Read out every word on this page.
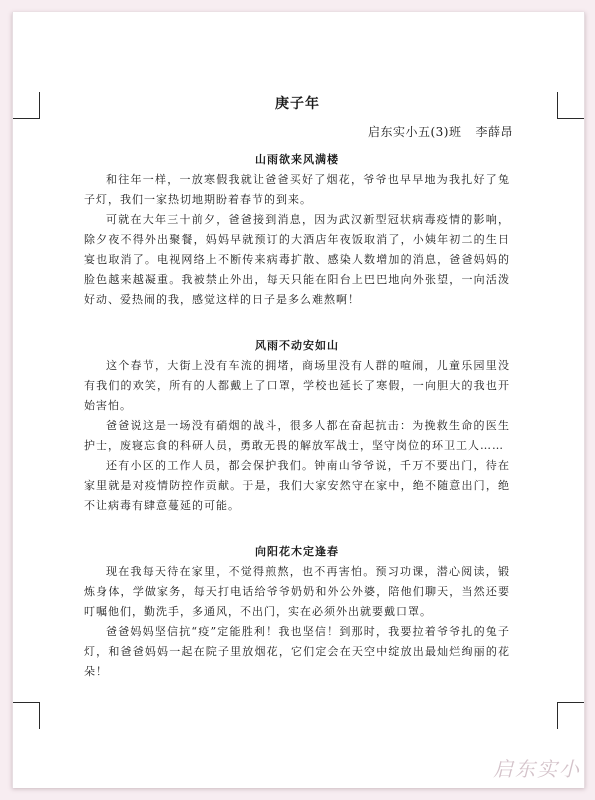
庚子年
启东实小五(3)班 李薛昂
山雨欲来风满楼

和往年一样，一放寒假我就让爸爸买好了烟花，爷爷也早早地为我扎好了兔子灯，我们一家热切地期盼着春节的到来。

可就在大年三十前夕，爸爸接到消息，因为武汉新型冠状病毒疫情的影响，除夕夜不得外出聚餐，妈妈早就预订的大酒店年夜饭取消了，小姨年初二的生日宴也取消了。电视网络上不断传来病毒扩散、感染人数增加的消息，爸爸妈妈的脸色越来越凝重。我被禁止外出，每天只能在阳台上巴巴地向外张望，一向活泼好动、爱热闹的我，感觉这样的日子是多么难熬啊！

风雨不动安如山

这个春节，大街上没有车流的拥堵，商场里没有人群的喧闹，儿童乐园里没有我们的欢笑，所有的人都戴上了口罩，学校也延长了寒假，一向胆大的我也开始害怕。

爸爸说这是一场没有硝烟的战斗，很多人都在奋起抗击：为挽救生命的医生护士，废寝忘食的科研人员，勇敢无畏的解放军战士，坚守岗位的环卫工人……

还有小区的工作人员，都会保护我们。钟南山爷爷说，千万不要出门，待在家里就是对疫情防控作贡献。于是，我们大家安然守在家中，绝不随意出门，绝不让病毒有肆意蔓延的可能。

向阳花木定逢春

现在我每天待在家里，不觉得煎熬，也不再害怕。预习功课，潜心阅读，锻炼身体，学做家务，每天打电话给爷爷奶奶和外公外婆，陪他们聊天，当然还要叮嘱他们，勤洗手，多通风，不出门，实在必须外出就要戴口罩。

爸爸妈妈坚信抗“疫”定能胜利！我也坚信！到那时，我要拉着爷爷扎的兔子灯，和爸爸妈妈一起在院子里放烟花，它们定会在天空中绽放出最灿烂绚丽的花朵！

启东实小
